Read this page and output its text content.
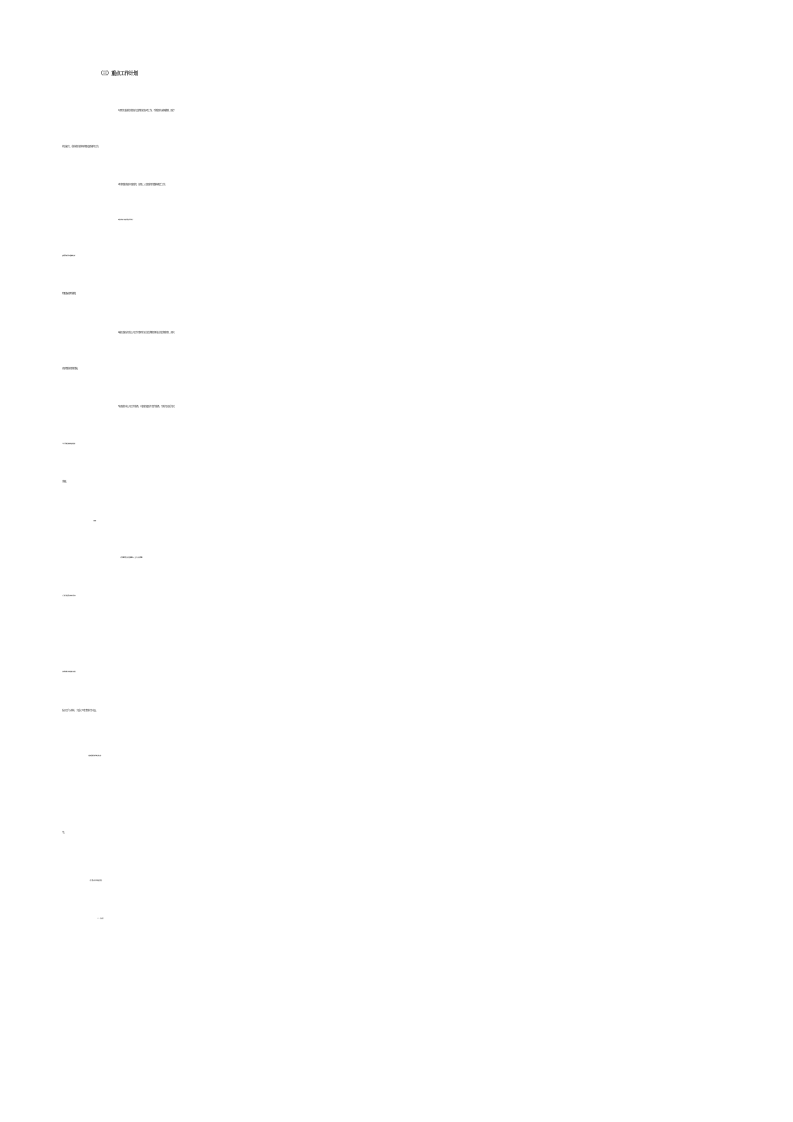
（三）重点工作计划
1.慎终如始抓好常态化疫情防控各项工作。不断提升流调溯源、医疗
救治能力，稳步推进各种病毒疫苗接种工作。
2.积极推进县中医医院、县第二人民医院的整体搬迁工作。
3.继续推进医药体制改革。加强分级诊疗体系建设，推动互联网+医疗，
逐步建立覆盖全县的远程医疗综合应用，继续巩固基本药物制度，完善药
物配备使用管理。
4.建立健全突发公共卫生事件的应急处理机制和长效处理机制，落实
疾病预防控制措施。
5.加强基本公共卫生服务，巩固家庭医生签约服务，及时完成重点民
生实事工作，实施全民健身运动，确保健康芷江建设稳步实施并取得良好
进展。
本单位 2023 年整体支出总额 5353.14 万元，其中基本支出 1724.33
万元，主要用于人员工资的发放（含乡镇卫生院基本工资）及单位日常公用
计划生育家庭住院护理补贴、计划生育家庭贴息贷款补贴、计划生育家庭保
险以及“小善举，大爱心”项目帮扶等支出。
部门整体支出既包括保障机关及所属事业单位基本运行的经费，也公安监
等。
二、部门整体支出管理及使用情况
（一）、基本支出
